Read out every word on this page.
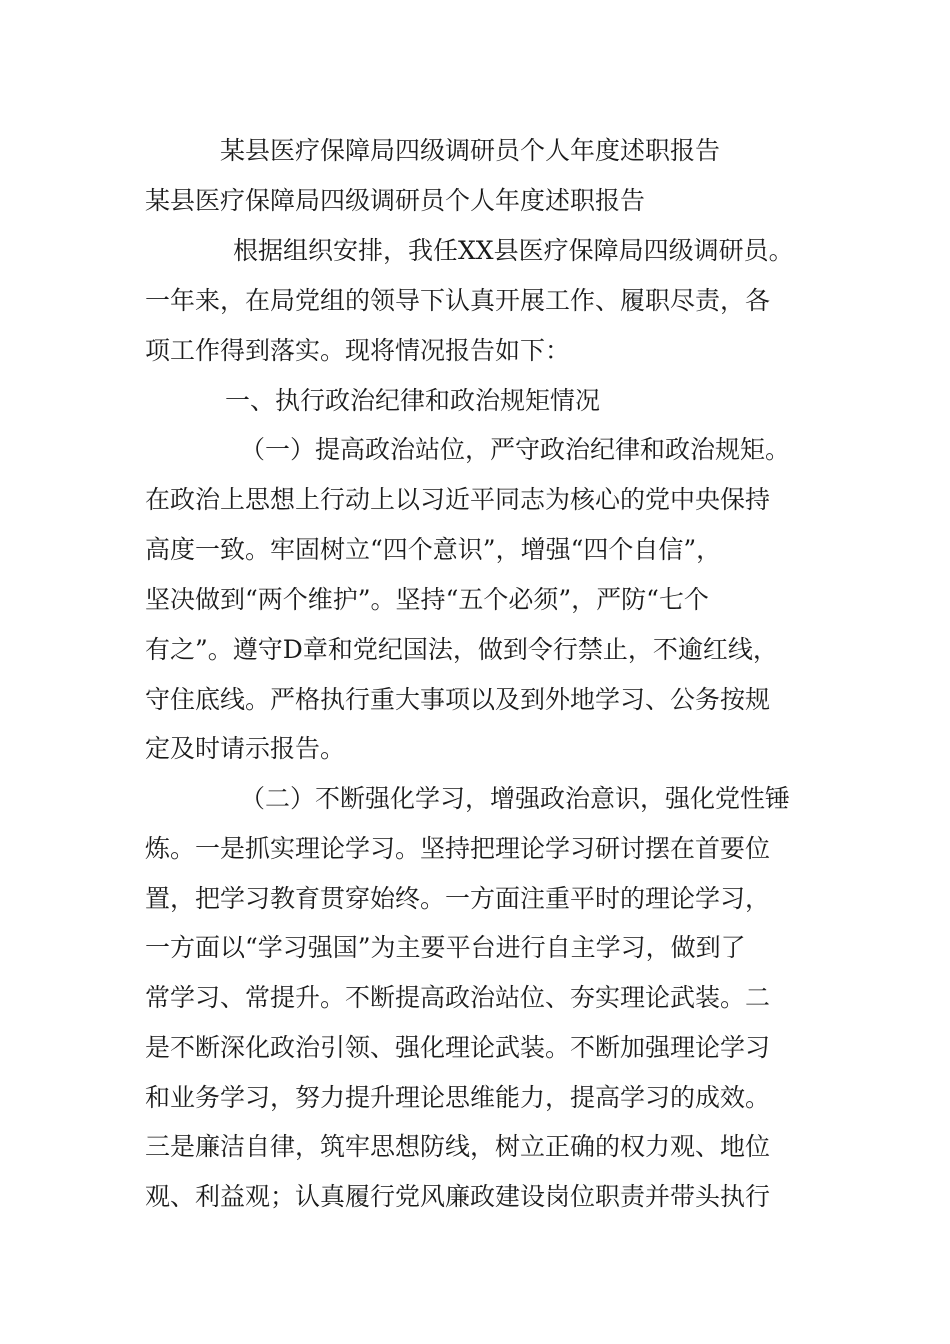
某县医疗保障局四级调研员个人年度述职报告
某县医疗保障局四级调研员个人年度述职报告
根据组织安排，我任XX县医疗保障局四级调研员。
一年来，在局党组的领导下认真开展工作、履职尽责，各
项工作得到落实。现将情况报告如下：
一、执行政治纪律和政治规矩情况
（一）提高政治站位，严守政治纪律和政治规矩。
在政治上思想上行动上以习近平同志为核心的党中央保持
高度一致。牢固树立“四个意识”，增强“四个自信”，
坚决做到“两个维护”。坚持“五个必须”，严防“七个
有之”。遵守D章和党纪国法，做到令行禁止，不逾红线，
守住底线。严格执行重大事项以及到外地学习、公务按规
定及时请示报告。
（二）不断强化学习，增强政治意识，强化党性锤
炼。一是抓实理论学习。坚持把理论学习研讨摆在首要位
置，把学习教育贯穿始终。一方面注重平时的理论学习，
一方面以“学习强国”为主要平台进行自主学习，做到了
常学习、常提升。不断提高政治站位、夯实理论武装。二
是不断深化政治引领、强化理论武装。不断加强理论学习
和业务学习，努力提升理论思维能力，提高学习的成效。
三是廉洁自律，筑牢思想防线，树立正确的权力观、地位
观、利益观；认真履行党风廉政建设岗位职责并带头执行
